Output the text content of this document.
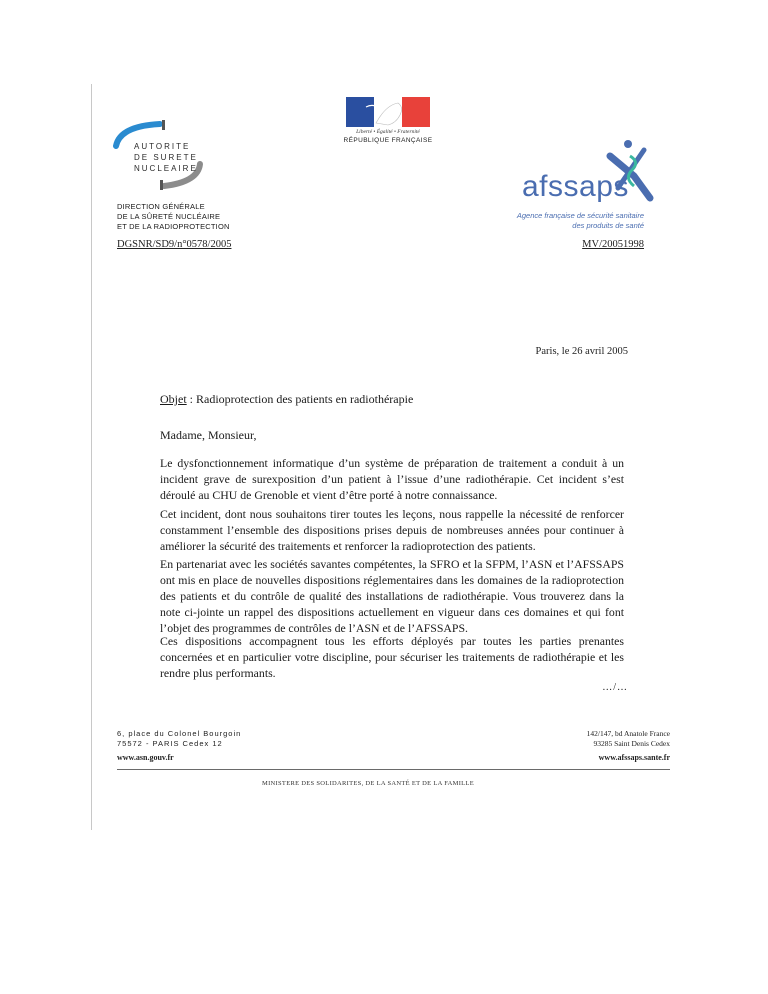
AUTORITE
DE SURETE
NUCLEAIRE
DIRECTION GÉNÉRALE
DE LA SÛRETÉ NUCLÉAIRE
ET DE LA RADIOPROTECTION
Liberté • Égalité • Fraternité
RÉPUBLIQUE FRANÇAISE
afssaps
Agence française de sécurité sanitaire
des produits de santé
DGSNR/SD9/n°0578/2005	MV/20051998
Paris, le 26 avril 2005
Objet : Radioprotection des patients en radiothérapie
Madame, Monsieur,

Le dysfonctionnement informatique d’un système de préparation de traitement a conduit à un incident grave de surexposition d’un patient à l’issue d’une radiothérapie. Cet incident s’est déroulé au CHU de Grenoble et vient d’être porté à notre connaissance.

Cet incident, dont nous souhaitons tirer toutes les leçons, nous rappelle la nécessité de renforcer constamment l’ensemble des dispositions prises depuis de nombreuses années pour continuer à améliorer la sécurité des traitements et renforcer la radioprotection des patients.

En partenariat avec les sociétés savantes compétentes, la SFRO et la SFPM, l’ASN et l’AFSSAPS ont mis en place de nouvelles dispositions réglementaires dans les domaines de la radioprotection des patients et du contrôle de qualité des installations de radiothérapie. Vous trouverez dans la note ci-jointe un rappel des dispositions actuellement en vigueur dans ces domaines et qui font l’objet des programmes de contrôles de l’ASN et de l’AFSSAPS.

Ces dispositions accompagnent tous les efforts déployés par toutes les parties prenantes concernées et en particulier votre discipline, pour sécuriser les traitements de radiothérapie et les rendre plus performants.

…/…
6, place du Colonel Bourgoin
75572 - PARIS Cedex 12
142/147, bd Anatole France
93285 Saint Denis Cedex
www.asn.gouv.fr	www.afssaps.sante.fr
MINISTERE DES SOLIDARITES, DE LA SANTÉ ET DE LA FAMILLE
